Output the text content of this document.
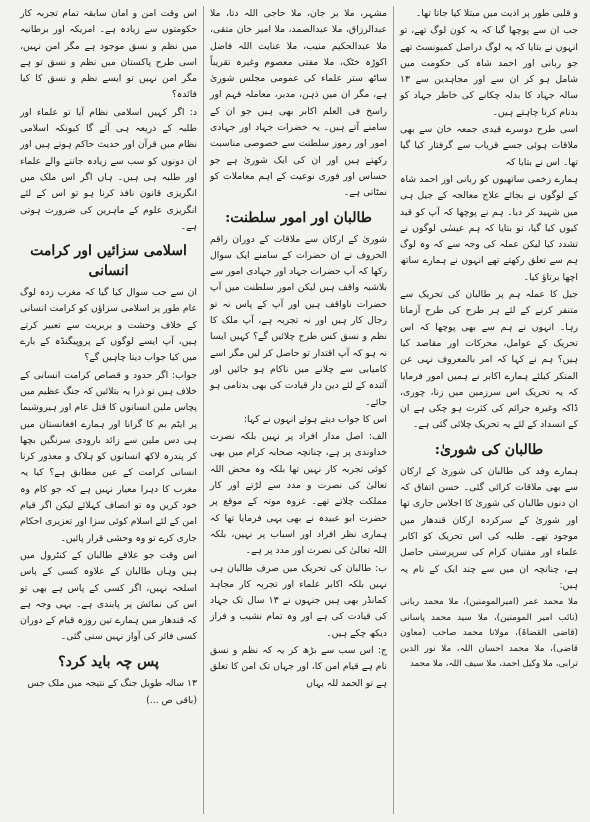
و قلبی طور پر اذیت میں مبتلا کیا جاتا تھا۔

جب ان سے پوچھا گیا کہ یہ کون لوگ تھے، تو انہوں نے بتایا کہ یہ لوگ دراصل کمیونسٹ تھے جو ربانی اور احمد شاہ کی حکومت میں شامل ہو کر ان سے اور مجاہدین سے ۱۳ سالہ جہاد کا بدلہ چکانے کی خاطر جہاد کو بدنام کرنا چاہتے ہیں۔

اسی طرح دوسرے قیدی جمعہ خان سے بھی ملاقات ہوئی جسے قریاب سے گرفتار کیا گیا تھا۔ اس نے بتایا کہ

ہمارے زخمی ساتھیوں کو ربانی اور احمد شاہ کے لوگوں نے بجائے علاج معالجہ کے جیل ہی میں شہید کر دیا۔ ہم نے پوچھا کہ آپ کو قید کیوں کیا گیا، تو بتایا کہ ہم عیسٰی لوگوں نے تشدد کیا لیکن عملہ کی وجہ سے کہ وہ لوگ ہم سے تعلق رکھتے تھے انہوں نے ہمارے ساتھ اچھا برتاؤ کیا۔

جیل کا عملہ ہم پر طالبان کی تحریک سے متنفر کرنے کے لئے ہر طرح کی طرح آزماتا رہا۔ انہوں نے ہم سے بھی پوچھا کہ اس تحریک کے عوامل، محرکات اور مقاصد کیا ہیں؟ ہم نے کہا کہ امر بالمعروف نہی عن المنکر کیلئے ہمارے اکابر نے ہمیں امور فرمایا کہ یہ تحریک اس سرزمین میں زنا، چوری، ڈاکہ وغیرہ جرائم کی کثرت ہو چکی ہے ان کے انسداد کے لئے یہ تحریک چلائی گئی ہے۔

طالبان کی شوریٰ:

ہمارے وفد کی طالبان کی شوریٰ کے ارکان سے بھی ملاقات کرائی گئی۔ حسن اتفاق کہ ان دنوں طالبان کی شوریٰ کا اجلاس جاری تھا اور شوریٰ کے سرکردہ ارکان قندھار میں موجود تھے۔ طلبہ کی اس تحریک کو اکابر علماء اور مفتیان کرام کی سرپرستی حاصل ہے، چنانچہ ان میں سے چند ایک کے نام یہ ہیں:

ملا محمد عمر (امیرالمومنین)، ملا محمد ربانی (نائب امیر المومنین)، ملا سید محمد پاسانی (قاضی القضاۃ)، مولانا محمد صاحب (معاون قاضی)، ملا محمد احسان اللہ، ملا نور الدین ترابی، ملا وکیل احمد، ملا سیف اللہ، ملا محمد

مشہر، ملا بر جان، ملا حاجی اللہ دتا، ملا عبدالرزاق، ملا عبدالصمد، ملا امیر خان متقی، ملا عبدالحکیم منیب، ملا عنایت اللہ فاضل اکوڑہ خٹک، ملا مفتی معصوم وغیرہ تقریباً ساٹھ ستر علماء کی عمومی مجلس شوریٰ ہے، مگر ان میں ذہن، مدبر، معاملہ فہم اور راسخ فی العلم اکابر بھی ہیں جو ان کے سامنے آتے ہیں۔ یہ حضرات جہاد اور جہادی امور اور رموز سلطنت سے خصوصی مناسبت رکھتے ہیں اور ان کی ایک شوریٰ ہے جو حساس اور فوری نوعیت کے اہم معاملات کو نمٹاتی ہے۔

طالبان اور امور سلطنت:

شوریٰ کے ارکان سے ملاقات کے دوران راقم الحروف نے ان حضرات کے سامنے ایک سوال رکھا کہ آپ حضرات جہاد اور جہادی امور سے بلاشبہ واقف ہیں لیکن امور سلطنت میں آپ حضرات ناواقف ہیں اور آپ کے پاس نہ تو رجال کار ہیں اور نہ تجربہ ہے، آپ ملک کا نظم و نسق کس طرح چلائیں گے؟ کہیں ایسا نہ ہو کہ آپ اقتدار تو حاصل کر لیں مگر اسے کامیابی سے چلانے میں ناکام ہو جائیں اور آئندہ کے لئے دین دار قیادت کی بھی بدنامی ہو جائے۔

اس کا جواب دیتے ہوئے انہوں نے کہا:

الف: اصل مدار افراد پر نہیں بلکہ نصرت خداوندی پر ہے، چنانچہ صحابہ کرام میں بھی کوئی تجربہ کار نہیں تھا بلکہ وہ محض اللہ تعالیٰ کی نصرت و مدد سے لڑتے اور کار مملکت چلاتے تھے۔ غزوہ موتہ کے موقع پر حضرت ابو عبیدہ نے بھی یہی فرمایا تھا کہ ہماری نظر افراد اور اسباب پر نہیں، بلکہ اللہ تعالیٰ کی نصرت اور مدد پر ہے۔

ب: طالبان کی تحریک میں صرف طالبان ہی نہیں بلکہ اکابر علماء اور تجربہ کار مجاہد کمانڈر بھی ہیں جنہوں نے ۱۳ سال تک جہاد کی قیادت کی ہے اور وہ تمام نشیب و فراز دیکھ چکے ہیں۔

ج: اس سب سے بڑھ کر یہ کہ نظم و نسق نام ہے قیام امن کا، اور جہاں تک امن کا تعلق ہے تو الحمد للہ یہاں

اس وقت امن و امان سابقہ تمام تجربہ کار حکومتوں سے زیادہ ہے۔ امریکہ اور برطانیہ میں نظم و نسق موجود ہے مگر امن نہیں، اسی طرح پاکستان میں نظم و نسق تو ہے مگر امن نہیں تو ایسے نظم و نسق کا کیا فائدہ؟

د: اگر کہیں اسلامی نظام آیا تو علماء اور طلبہ کے ذریعہ ہی آئے گا کیونکہ اسلامی نظام میں قرآن اور حدیث حاکم ہوتے ہیں اور ان دونوں کو سب سے زیادہ جاننے والے علماء اور طلبہ ہی ہیں۔ ہاں اگر اس ملک میں انگریزی قانون نافذ کرنا ہو تو اس کے لئے انگریزی علوم کے ماہرین کی ضرورت ہوتی ہے۔

اسلامی سزائیں اور کرامت انسانی

ان سے جب سوال کیا گیا کہ مغرب زدہ لوگ عام طور پر اسلامی سزاؤں کو کرامت انسانی کے خلاف وحشت و بربریت سے تعبیر کرتے ہیں، آپ ایسے لوگوں کے پروپیگنڈہ کے بارے میں کیا جواب دینا چاہیں گے؟

جواب: اگر حدود و قصاص کرامت انسانی کے خلاف ہیں تو ذرا یہ بتلائیں کہ جنگ عظیم میں پچاس ملین انسانوں کا قتل عام اور ہیروشیما پر ایٹم بم کا گرانا اور ہمارے افغانستان میں ہی دس ملین سے زائد بارودی سرنگیں بچھا کر پندرہ لاکھ انسانوں کو ہلاک و معذور کرنا انسانی کرامت کے عین مطابق ہے؟ کیا یہ مغرب کا دہرا معیار نہیں ہے کہ جو کام وہ خود کریں وہ تو انصاف کہلائے لیکن اگر قیام امن کے لئے اسلام کوئی سزا اور تعزیری احکام جاری کرے تو وہ وحشی قرار پائیں۔

اس وقت جو علاقے طالبان کے کنٹرول میں ہیں وہاں طالبان کے علاوہ کسی کے پاس اسلحہ نہیں، اگر کسی کے پاس ہے بھی تو اس کی نمائش پر پابندی ہے۔ یہی وجہ ہے کہ قندھار میں ہمارے تین روزہ قیام کے دوران کسی فائر کی آواز نہیں سنی گئی۔

پس چہ باید کرد؟

۱۳ سالہ طویل جنگ کے نتیجہ میں ملک جس

(باقی ص ...)
